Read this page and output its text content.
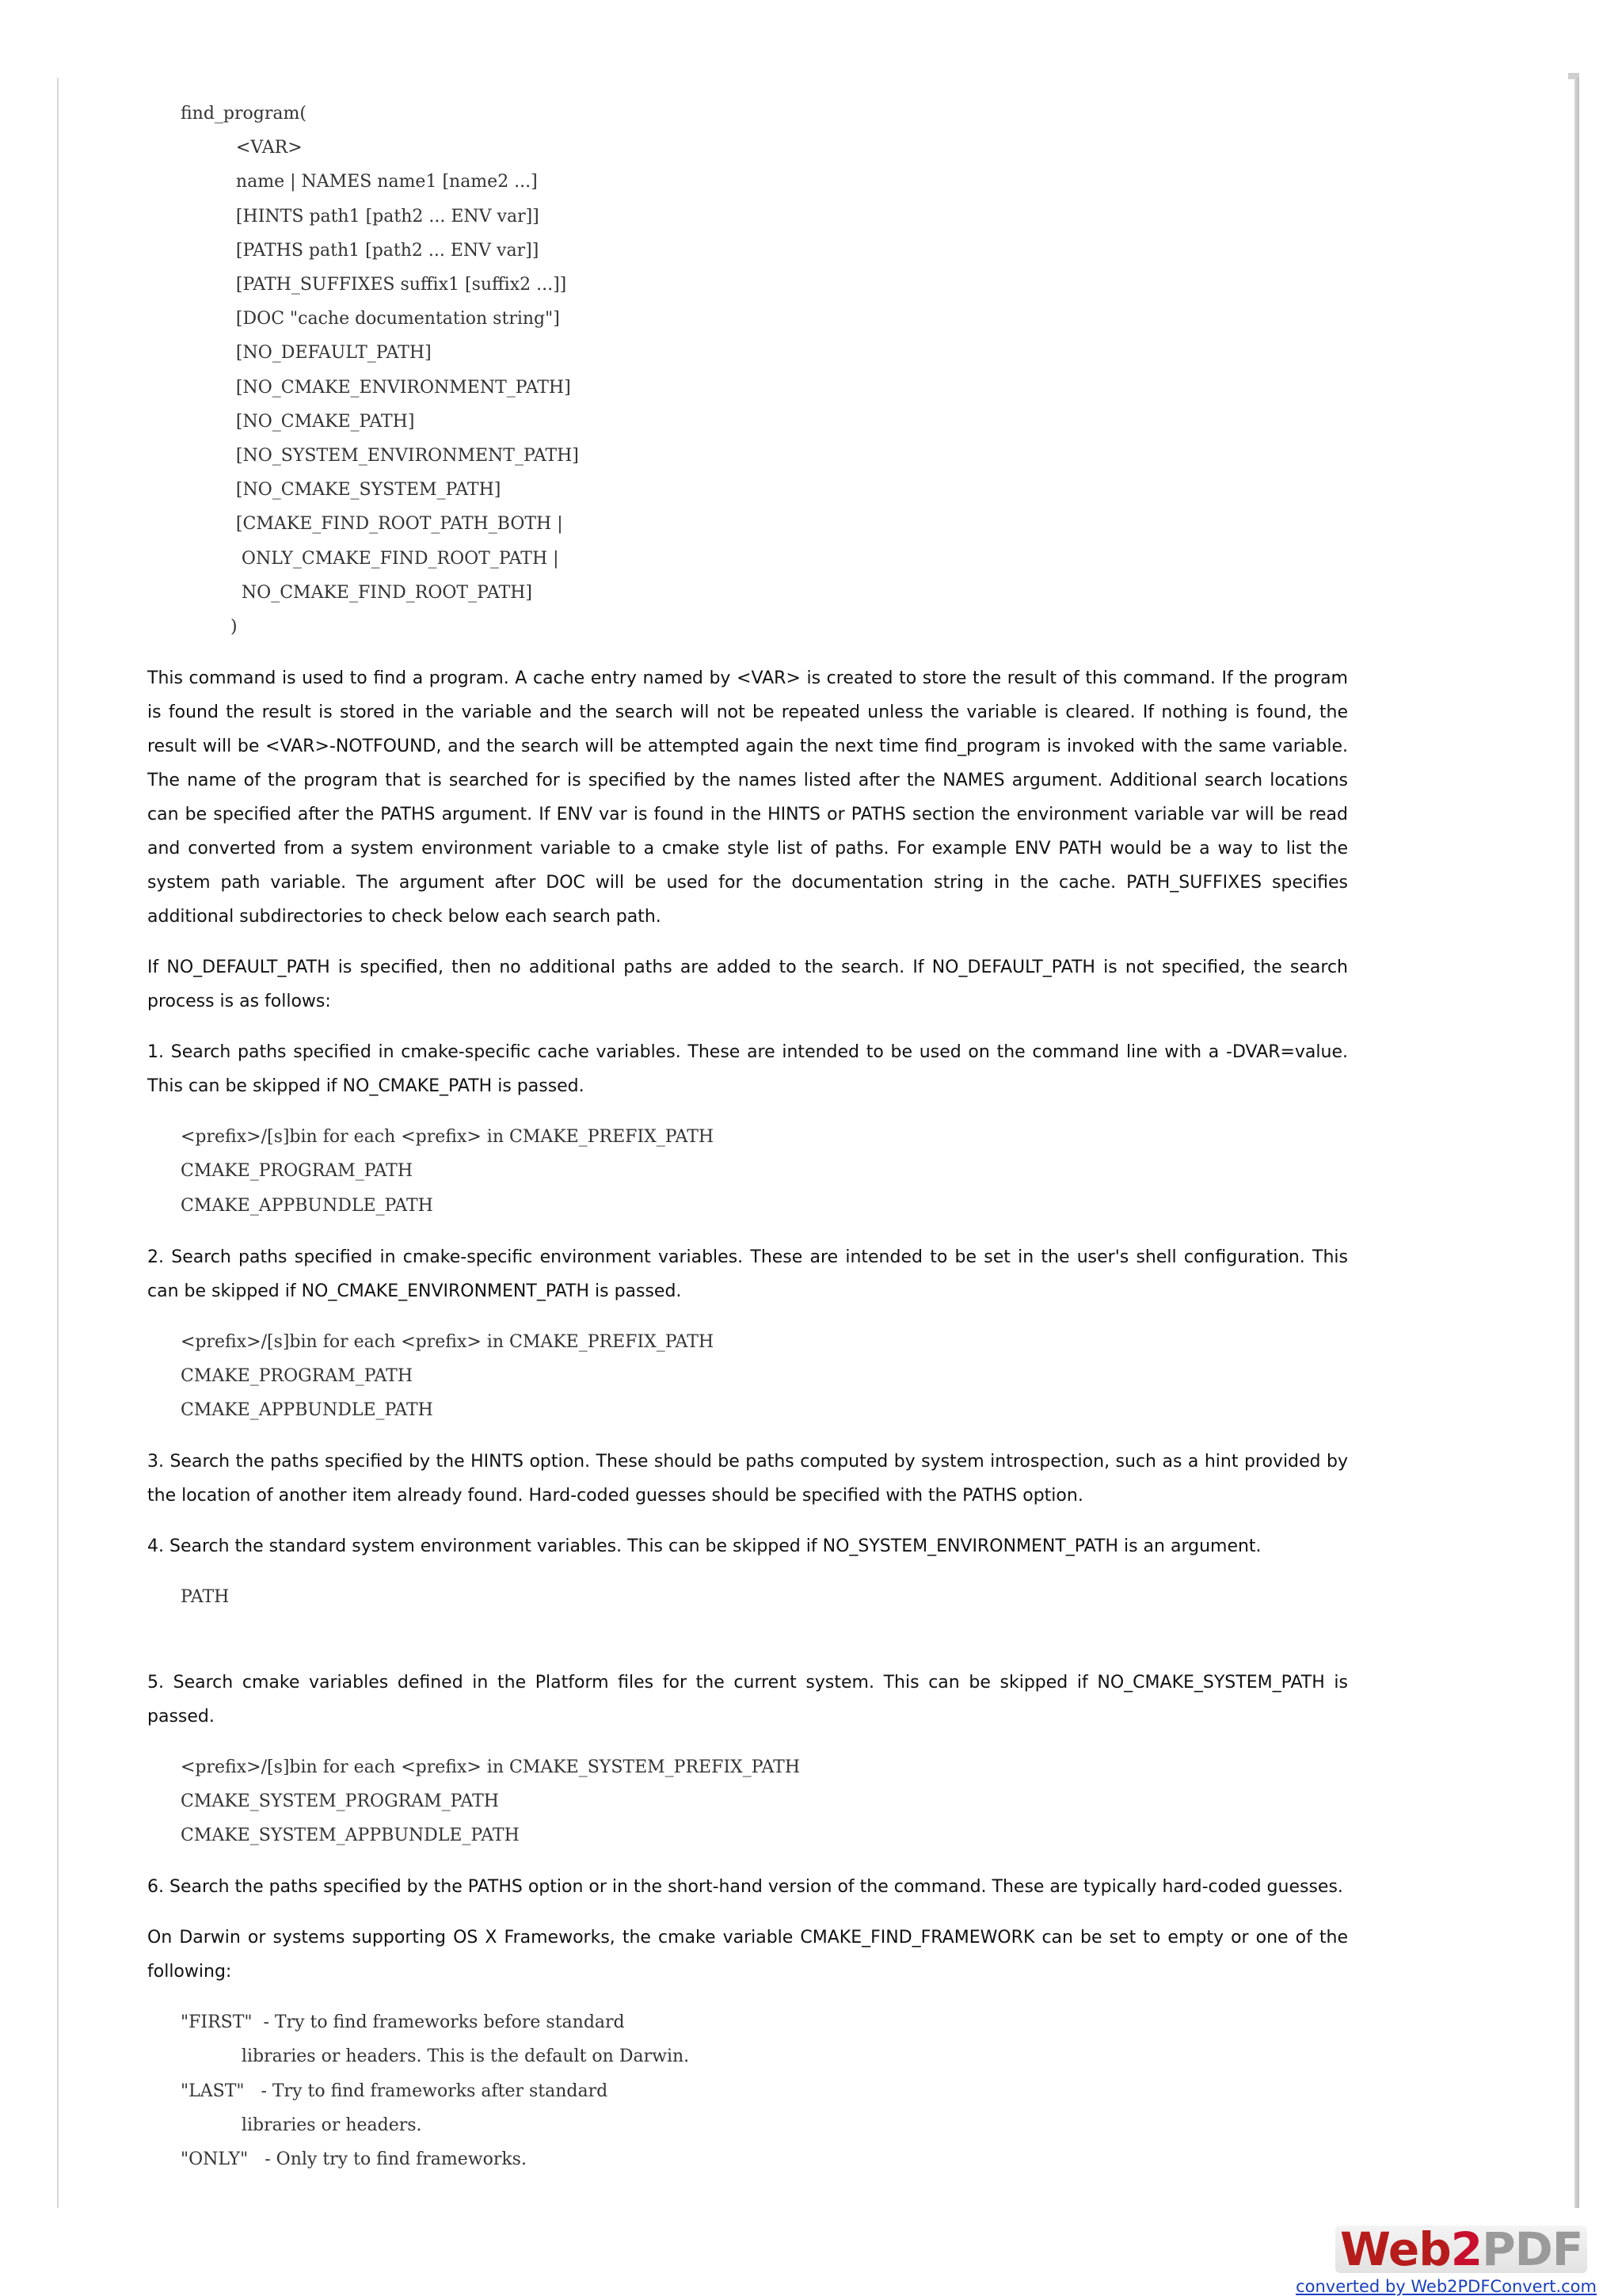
find_program(
<VAR>
name | NAMES name1 [name2 ...]
[HINTS path1 [path2 ... ENV var]]
[PATHS path1 [path2 ... ENV var]]
[PATH_SUFFIXES suffix1 [suffix2 ...]]
[DOC "cache documentation string"]
[NO_DEFAULT_PATH]
[NO_CMAKE_ENVIRONMENT_PATH]
[NO_CMAKE_PATH]
[NO_SYSTEM_ENVIRONMENT_PATH]
[NO_CMAKE_SYSTEM_PATH]
[CMAKE_FIND_ROOT_PATH_BOTH |
ONLY_CMAKE_FIND_ROOT_PATH |
NO_CMAKE_FIND_ROOT_PATH]
)

This command is used to find a program. A cache entry named by <VAR> is created to store the result of this command. If the program is found the result is stored in the variable and the search will not be repeated unless the variable is cleared. If nothing is found, the result will be <VAR>-NOTFOUND, and the search will be attempted again the next time find_program is invoked with the same variable. The name of the program that is searched for is specified by the names listed after the NAMES argument. Additional search locations can be specified after the PATHS argument. If ENV var is found in the HINTS or PATHS section the environment variable var will be read and converted from a system environment variable to a cmake style list of paths. For example ENV PATH would be a way to list the system path variable. The argument after DOC will be used for the documentation string in the cache. PATH_SUFFIXES specifies additional subdirectories to check below each search path.

If NO_DEFAULT_PATH is specified, then no additional paths are added to the search. If NO_DEFAULT_PATH is not specified, the search process is as follows:

1. Search paths specified in cmake-specific cache variables. These are intended to be used on the command line with a -DVAR=value. This can be skipped if NO_CMAKE_PATH is passed.

<prefix>/[s]bin for each <prefix> in CMAKE_PREFIX_PATH
CMAKE_PROGRAM_PATH
CMAKE_APPBUNDLE_PATH

2. Search paths specified in cmake-specific environment variables. These are intended to be set in the user's shell configuration. This can be skipped if NO_CMAKE_ENVIRONMENT_PATH is passed.

<prefix>/[s]bin for each <prefix> in CMAKE_PREFIX_PATH
CMAKE_PROGRAM_PATH
CMAKE_APPBUNDLE_PATH

3. Search the paths specified by the HINTS option. These should be paths computed by system introspection, such as a hint provided by the location of another item already found. Hard-coded guesses should be specified with the PATHS option.

4. Search the standard system environment variables. This can be skipped if NO_SYSTEM_ENVIRONMENT_PATH is an argument.

PATH

5. Search cmake variables defined in the Platform files for the current system. This can be skipped if NO_CMAKE_SYSTEM_PATH is passed.

<prefix>/[s]bin for each <prefix> in CMAKE_SYSTEM_PREFIX_PATH
CMAKE_SYSTEM_PROGRAM_PATH
CMAKE_SYSTEM_APPBUNDLE_PATH

6. Search the paths specified by the PATHS option or in the short-hand version of the command. These are typically hard-coded guesses.

On Darwin or systems supporting OS X Frameworks, the cmake variable CMAKE_FIND_FRAMEWORK can be set to empty or one of the following:

"FIRST"  - Try to find frameworks before standard
libraries or headers. This is the default on Darwin.
"LAST"   - Try to find frameworks after standard
libraries or headers.
"ONLY"   - Only try to find frameworks.
Web2PDF
converted by Web2PDFConvert.com
